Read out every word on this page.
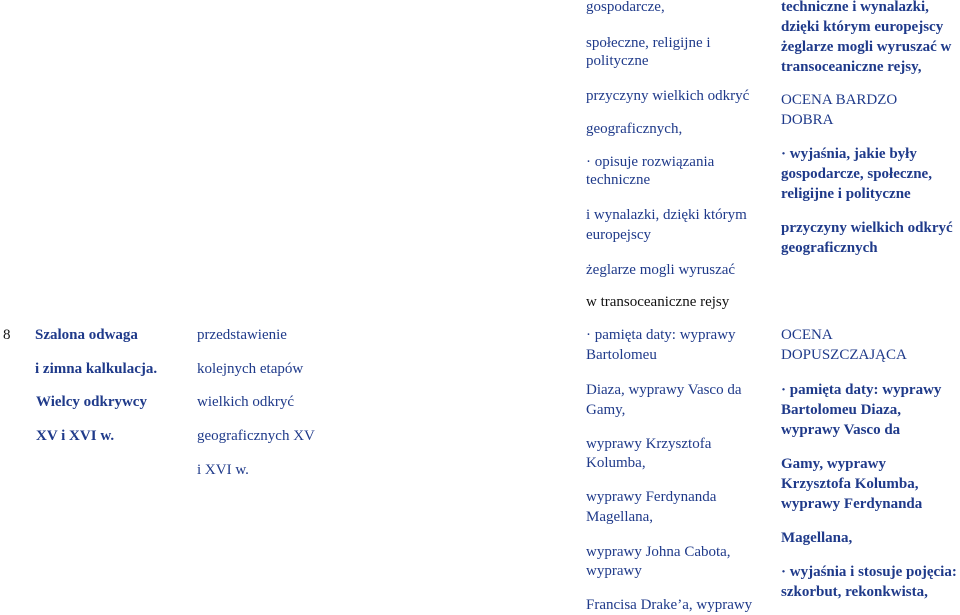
gospodarcze,

społeczne, religijne i

polityczne

przyczyny wielkich odkryć

geograficznych,

· opisuje rozwiązania

techniczne

i wynalazki, dzięki którym

europejscy

żeglarze mogli wyruszać

w transoceaniczne rejsy

techniczne i wynalazki,

dzięki którym europejscy

żeglarze mogli wyruszać w

transoceaniczne rejsy,

OCENA BARDZO

DOBRA

· wyjaśnia, jakie były

gospodarcze, społeczne,

religijne i polityczne

przyczyny wielkich odkryć

geograficznych

8 Szalona odwaga

i zimna kalkulacja.

Wielcy odkrywcy

XV i XVI w.

przedstawienie

kolejnych etapów

wielkich odkryć

geograficznych XV

i XVI w.

· pamięta daty: wyprawy

Bartolomeu

Diaza, wyprawy Vasco da

Gamy,

wyprawy Krzysztofa

Kolumba,

wyprawy Ferdynanda

Magellana,

wyprawy Johna Cabota,

wyprawy

Francisa Drake’a, wyprawy

OCENA

DOPUSZCZAJĄCA

· pamięta daty: wyprawy

Bartolomeu Diaza,

wyprawy Vasco da

Gamy, wyprawy

Krzysztofa Kolumba,

wyprawy Ferdynanda

Magellana,

· wyjaśnia i stosuje pojęcia:

szkorbut, rekonkwista,
